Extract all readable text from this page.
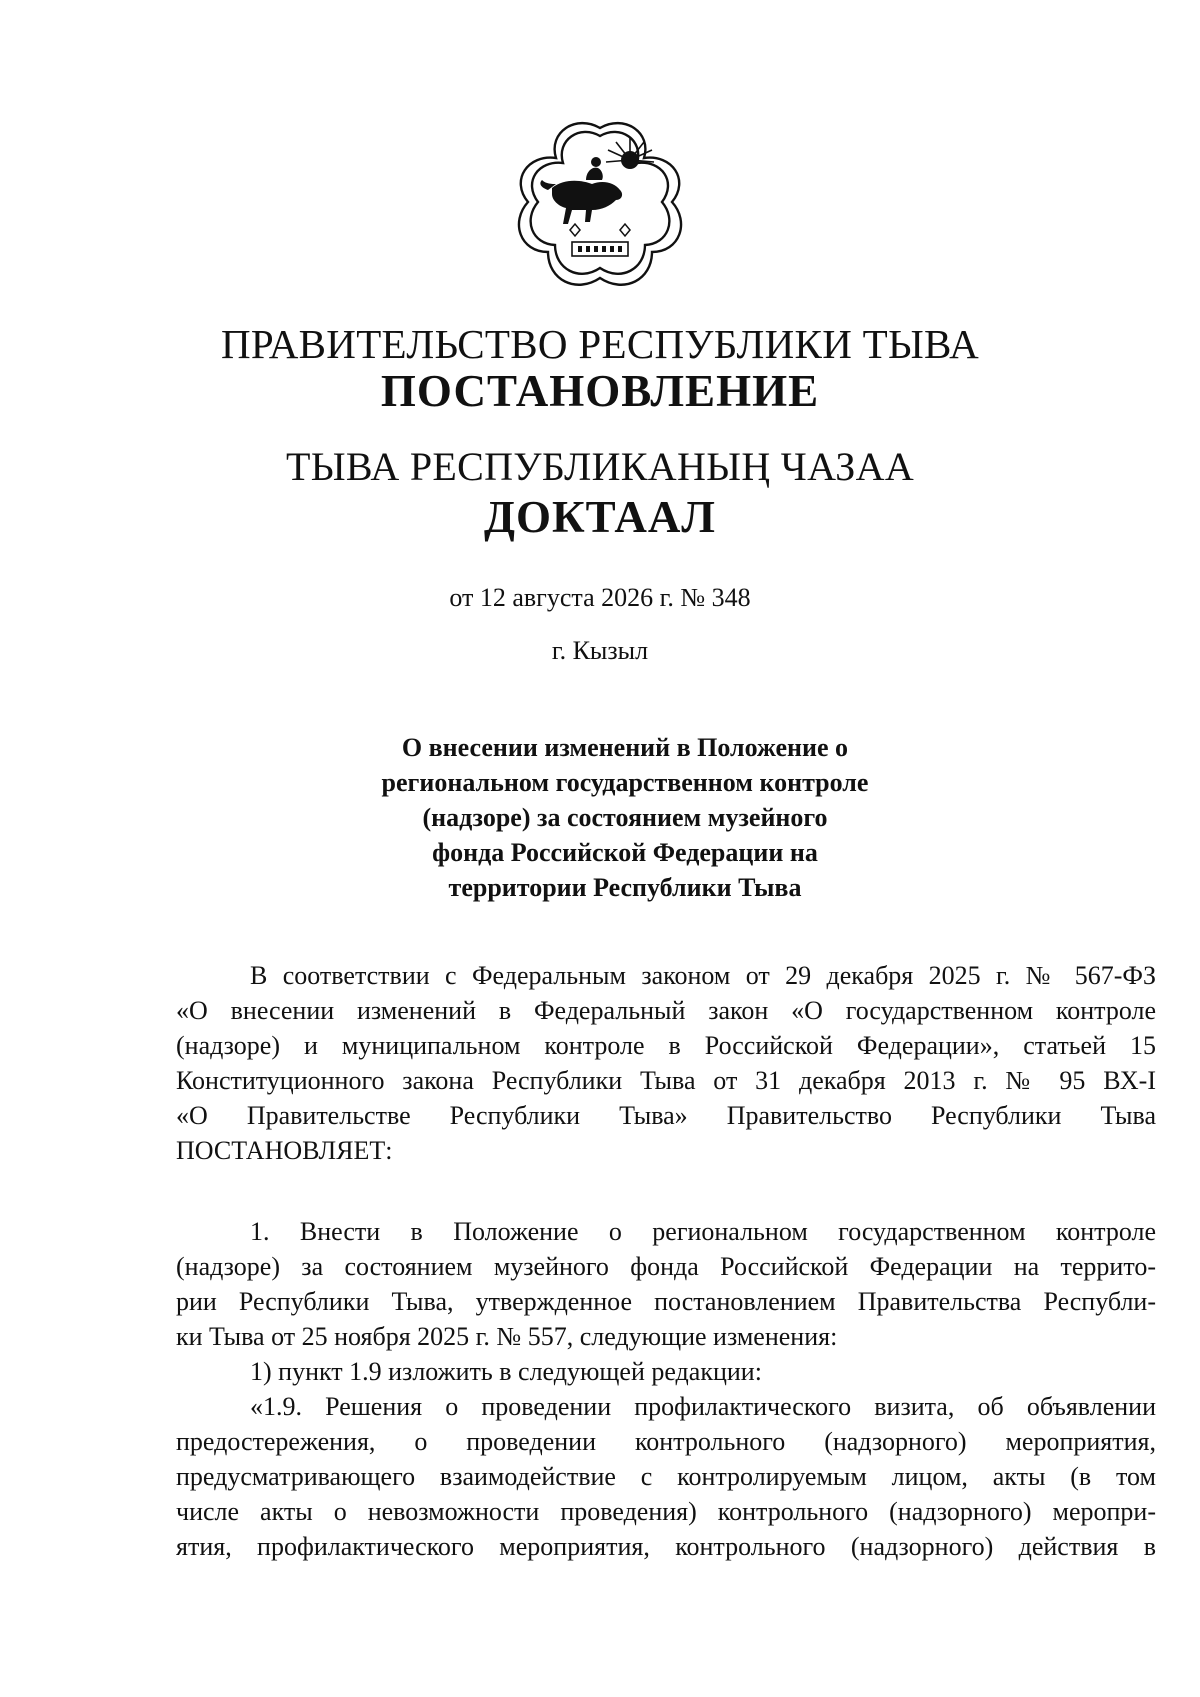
ПРАВИТЕЛЬСТВО РЕСПУБЛИКИ ТЫВА
ПОСТАНОВЛЕНИЕ
ТЫВА РЕСПУБЛИКАНЫҢ ЧАЗАА
ДОКТААЛ
от 12 августа 2026 г. № 348
г. Кызыл
О внесении изменений в Положение о
региональном государственном контроле
(надзоре) за состоянием музейного
фонда Российской Федерации на
территории Республики Тыва
В соответствии с Федеральным законом от 29 декабря 2025 г. № 567-ФЗ
«О внесении изменений в Федеральный закон «О государственном контроле
(надзоре) и муниципальном контроле в Российской Федерации», статьей 15
Конституционного закона Республики Тыва от 31 декабря 2013 г. № 95 ВХ-I
«О Правительстве Республики Тыва» Правительство Республики Тыва
ПОСТАНОВЛЯЕТ:
1. Внести в Положение о региональном государственном контроле
(надзоре) за состоянием музейного фонда Российской Федерации на террито-
рии Республики Тыва, утвержденное постановлением Правительства Республи-
ки Тыва от 25 ноября 2025 г. № 557, следующие изменения:
1) пункт 1.9 изложить в следующей редакции:
«1.9. Решения о проведении профилактического визита, об объявлении
предостережения, о проведении контрольного (надзорного) мероприятия,
предусматривающего взаимодействие с контролируемым лицом, акты (в том
числе акты о невозможности проведения) контрольного (надзорного) меропри-
ятия, профилактического мероприятия, контрольного (надзорного) действия в
